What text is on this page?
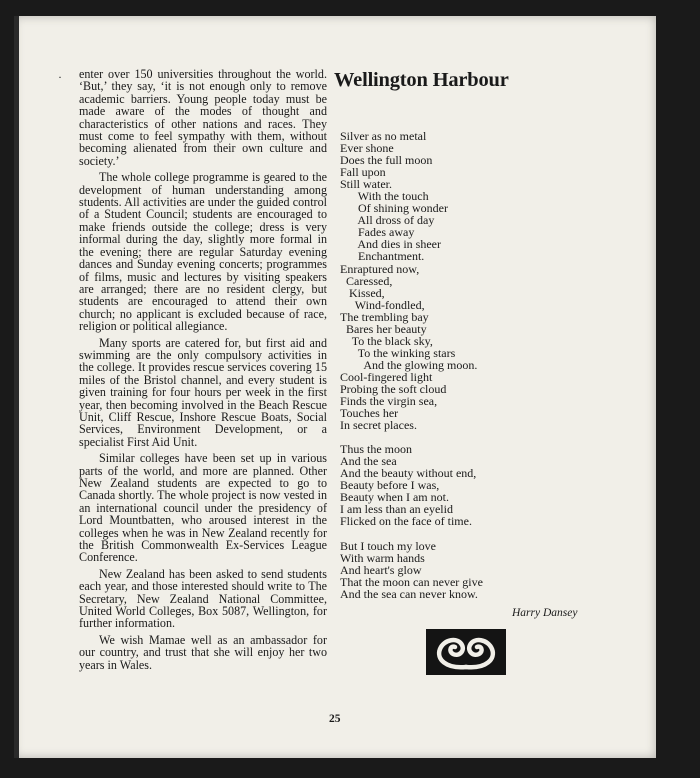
· enter over 150 universities throughout the world. ‘But,’ they say, ‘it is not enough only to remove academic barriers. Young people today must be made aware of the modes of thought and characteristics of other nations and races. They must come to feel sympathy with them, without becoming alienated from their own culture and society.’

The whole college programme is geared to the development of human understanding among students. All activities are under the guided control of a Student Council; students are encouraged to make friends outside the college; dress is very informal during the day, slightly more formal in the evening; there are regular Saturday evening dances and Sunday evening concerts; programmes of films, music and lectures by visiting speakers are arranged; there are no resident clergy, but students are encouraged to attend their own church; no applicant is excluded because of race, religion or political allegiance.

Many sports are catered for, but first aid and swimming are the only compulsory activities in the college. It provides rescue services covering 15 miles of the Bristol channel, and every student is given training for four hours per week in the first year, then becoming involved in the Beach Rescue Unit, Cliff Rescue, Inshore Rescue Boats, Social Services, Environment Development, or a specialist First Aid Unit.

Similar colleges have been set up in various parts of the world, and more are planned. Other New Zealand students are expected to go to Canada shortly. The whole project is now vested in an international council under the presidency of Lord Mountbatten, who aroused interest in the colleges when he was in New Zealand recently for the British Commonwealth Ex-Services League Conference.

New Zealand has been asked to send students each year, and those interested should write to The Secretary, New Zealand National Committee, United World Colleges, Box 5087, Wellington, for further information.

We wish Mamae well as an ambassador for our country, and trust that she will enjoy her two years in Wales.

Wellington Harbour
Silver as no metal
Ever shone
Does the full moon
Fall upon
Still water.
With the touch
Of shining wonder
All dross of day
Fades away
And dies in sheer
Enchantment.
Enraptured now,
Caressed,
Kissed,
Wind-fondled,
The trembling bay
Bares her beauty
To the black sky,
To the winking stars
And the glowing moon.
Cool-fingered light
Probing the soft cloud
Finds the virgin sea,
Touches her
In secret places.
Thus the moon
And the sea
And the beauty without end,
Beauty before I was,
Beauty when I am not.
I am less than an eyelid
Flicked on the face of time.
But I touch my love
With warm hands
And heart's glow
That the moon can never give
And the sea can never know.
Harry Dansey
25
